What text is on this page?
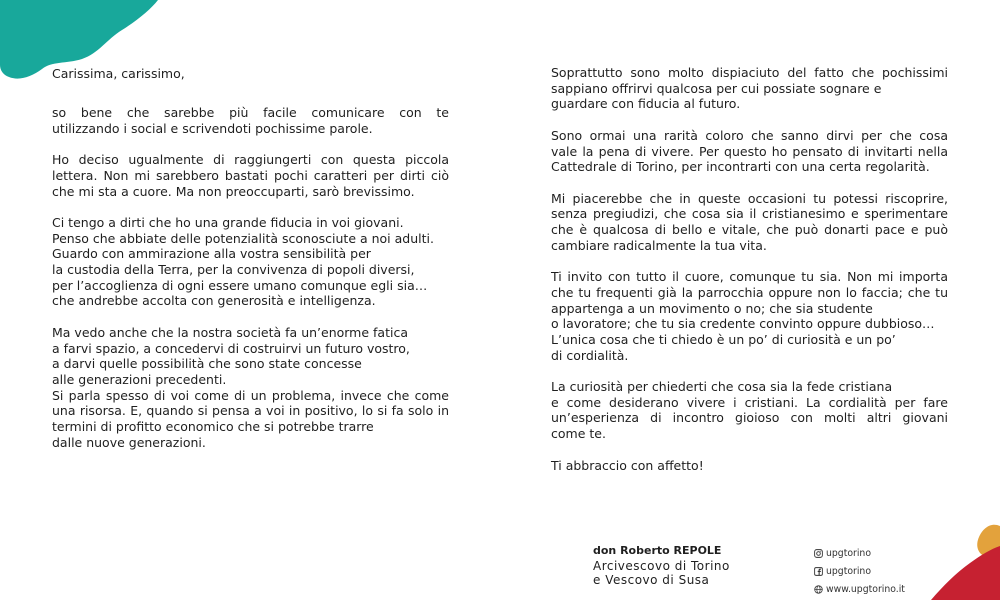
Carissima, carissimo,
so bene che sarebbe più facile comunicare con te
utilizzando i social e scrivendoti pochissime parole.
Ho deciso ugualmente di raggiungerti con questa piccola
lettera. Non mi sarebbero bastati pochi caratteri per dirti ciò
che mi sta a cuore. Ma non preoccuparti, sarò brevissimo.
Ci tengo a dirti che ho una grande fiducia in voi giovani.
Penso che abbiate delle potenzialità sconosciute a noi adulti.
Guardo con ammirazione alla vostra sensibilità per
la custodia della Terra, per la convivenza di popoli diversi,
per l’accoglienza di ogni essere umano comunque egli sia…
che andrebbe accolta con generosità e intelligenza.
Ma vedo anche che la nostra società fa un’enorme fatica
a farvi spazio, a concedervi di costruirvi un futuro vostro,
a darvi quelle possibilità che sono state concesse
alle generazioni precedenti.
Si parla spesso di voi come di un problema, invece che come
una risorsa. E, quando si pensa a voi in positivo, lo si fa solo in
termini di profitto economico che si potrebbe trarre
dalle nuove generazioni.
Soprattutto sono molto dispiaciuto del fatto che pochissimi
sappiano offrirvi qualcosa per cui possiate sognare e
guardare con fiducia al futuro.
Sono ormai una rarità coloro che sanno dirvi per che cosa
vale la pena di vivere. Per questo ho pensato di invitarti nella
Cattedrale di Torino, per incontrarti con una certa regolarità.
Mi piacerebbe che in queste occasioni tu potessi riscoprire,
senza pregiudizi, che cosa sia il cristianesimo e sperimentare
che è qualcosa di bello e vitale, che può donarti pace e può
cambiare radicalmente la tua vita.
Ti invito con tutto il cuore, comunque tu sia. Non mi importa
che tu frequenti già la parrocchia oppure non lo faccia; che tu
appartenga a un movimento o no; che sia studente
o lavoratore; che tu sia credente convinto oppure dubbioso…
L’unica cosa che ti chiedo è un po’ di curiosità e un po’
di cordialità.
La curiosità per chiederti che cosa sia la fede cristiana
e come desiderano vivere i cristiani. La cordialità per fare
un’esperienza di incontro gioioso con molti altri giovani
come te.
Ti abbraccio con affetto!
don Roberto REPOLE
Arcivescovo di Torino
e Vescovo di Susa
upgtorino
upgtorino
www.upgtorino.it
